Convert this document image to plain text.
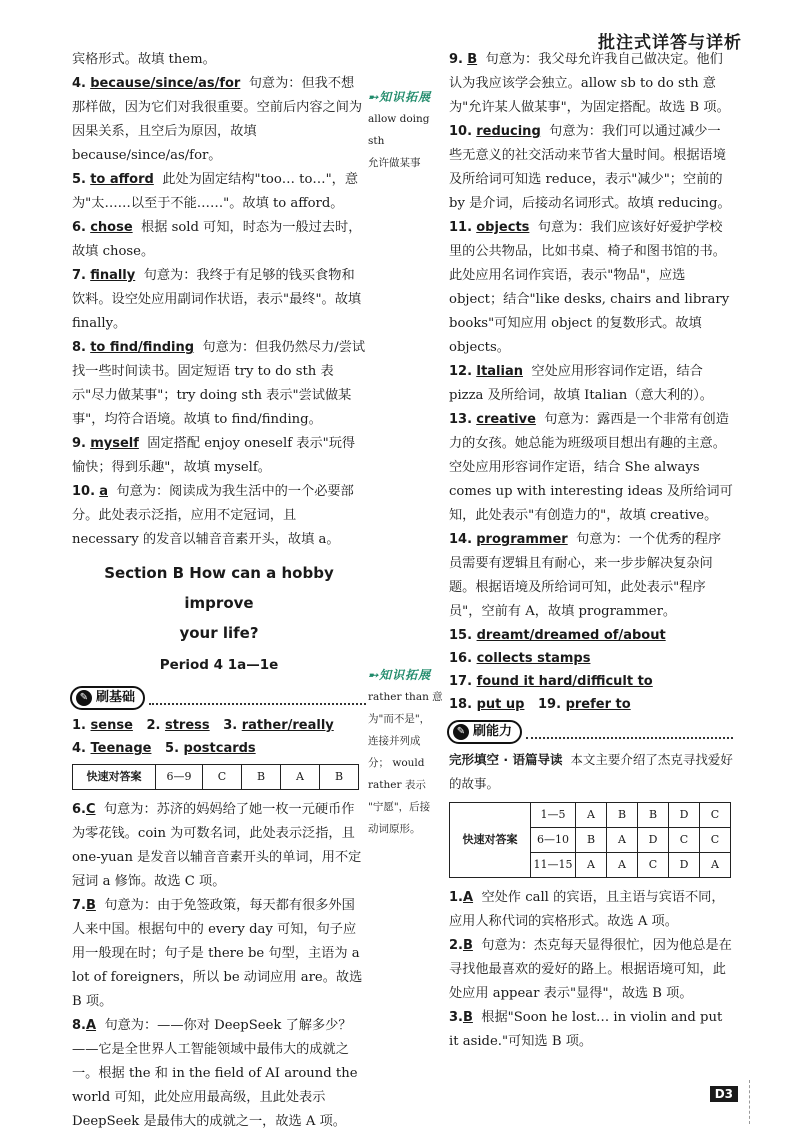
批注式详答与详析

宾格形式。故填 them。

4. because/since/as/for 句意为：但我不想那样做，因为它们对我很重要。空前后内容之间为因果关系，且空后为原因，故填 because/since/as/for。

5. to afford 此处为固定结构"too… to…"，意为"太……以至于不能……"。故填 to afford。

6. chose 根据 sold 可知，时态为一般过去时，故填 chose。

7. finally 句意为：我终于有足够的钱买食物和饮料。设空处应用副词作状语，表示"最终"。故填 finally。

8. to find/finding 句意为：但我仍然尽力/尝试找一些时间读书。固定短语 try to do sth 表示"尽力做某事"；try doing sth 表示"尝试做某事"，均符合语境。故填 to find/finding。

9. myself 固定搭配 enjoy oneself 表示"玩得愉快；得到乐趣"，故填 myself。

10. a 句意为：阅读成为我生活中的一个必要部分。此处表示泛指，应用不定冠词，且 necessary 的发音以辅音音素开头，故填 a。

Section B How can a hobby improve
your life?
Period 4 1a—1e
✎ 刷基础
1. sense 2. stress 3. rather/really
4. Teenage 5. postcards
快速对答案	6—9	C	B	A	B

6.C 句意为：苏济的妈妈给了她一枚一元硬币作为零花钱。coin 为可数名词，此处表示泛指，且 one-yuan 是发音以辅音音素开头的单词，用不定冠词 a 修饰。故选 C 项。

7.B 句意为：由于免签政策，每天都有很多外国人来中国。根据句中的 every day 可知，句子应用一般现在时；句子是 there be 句型，主语为 a lot of foreigners，所以 be 动词应用 are。故选 B 项。

8.A 句意为：——你对 DeepSeek 了解多少？——它是全世界人工智能领域中最伟大的成就之一。根据 the 和 in the field of AI around the world 可知，此处应用最高级，且此处表示 DeepSeek 是最伟大的成就之一，故选 A 项。

➸知识拓展
allow doing sth
允许做某事
➸知识拓展
rather than 意
为"而不是"，
连接并列成
分； would
rather 表示
"宁愿"，后接
动词原形。

9. B 句意为：我父母允许我自己做决定。他们认为我应该学会独立。allow sb to do sth 意为"允许某人做某事"，为固定搭配。故选 B 项。

10. reducing 句意为：我们可以通过减少一些无意义的社交活动来节省大量时间。根据语境及所给词可知选 reduce，表示"减少"；空前的 by 是介词，后接动名词形式。故填 reducing。

11. objects 句意为：我们应该好好爱护学校里的公共物品，比如书桌、椅子和图书馆的书。此处应用名词作宾语，表示"物品"，应选 object；结合"like desks, chairs and library books"可知应用 object 的复数形式。故填 objects。

12. Italian 空处应用形容词作定语，结合 pizza 及所给词，故填 Italian（意大利的）。

13. creative 句意为：露西是一个非常有创造力的女孩。她总能为班级项目想出有趣的主意。空处应用形容词作定语，结合 She always comes up with interesting ideas 及所给词可知，此处表示"有创造力的"，故填 creative。

14. programmer 句意为：一个优秀的程序员需要有逻辑且有耐心，来一步步解决复杂问题。根据语境及所给词可知，此处表示"程序员"，空前有 A，故填 programmer。

15. dreamt/dreamed of/about
16. collects stamps
17. found it hard/difficult to
18. put up 19. prefer to
✎ 刷能力

完形填空 · 语篇导读 本文主要介绍了杰克寻找爱好的故事。

快速对答案	1—5	A	B	B	D	C
	6—10	B	A	D	C	C
	11—15	A	A	C	D	A

1.A 空处作 call 的宾语，且主语与宾语不同，应用人称代词的宾格形式。故选 A 项。

2.B 句意为：杰克每天显得很忙，因为他总是在寻找他最喜欢的爱好的路上。根据语境可知，此处应用 appear 表示"显得"，故选 B 项。

3.B 根据"Soon he lost… in violin and put it aside."可知选 B 项。

D3
